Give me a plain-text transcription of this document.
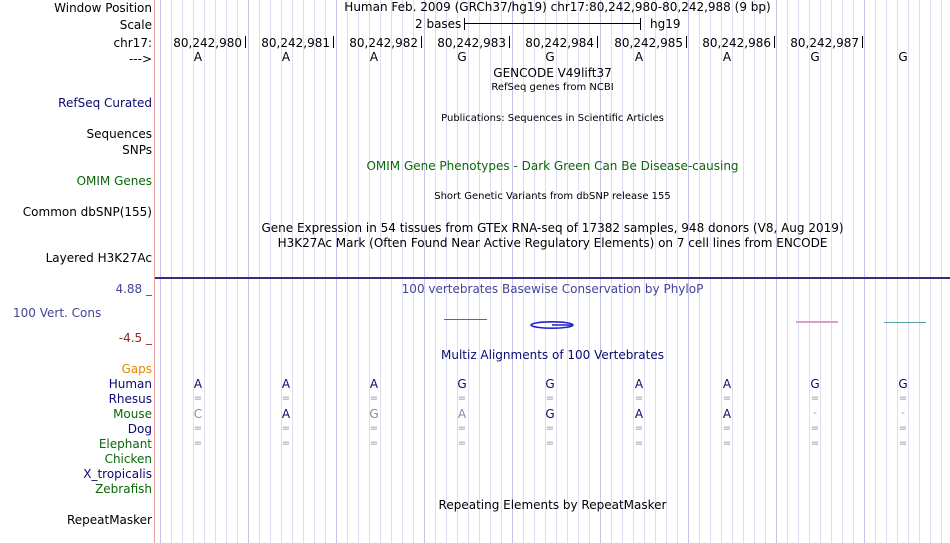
Window Position	Human Feb. 2009 (GRCh37/hg19) chr17:80,242,980-80,242,988 (9 bp)
Scale	2 bases	hg19
chr17: 80,242,980 80,242,981 80,242,982 80,242,983 80,242,984 80,242,985 80,242,986 80,242,987
--->	A	A	A	G	G	A	A	G	G
GENCODE V49lift37
RefSeq genes from NCBI
RefSeq Curated
Publications: Sequences in Scientific Articles
Sequences
SNPs
OMIM Gene Phenotypes - Dark Green Can Be Disease-causing
OMIM Genes
Short Genetic Variants from dbSNP release 155
Common dbSNP(155)
Gene Expression in 54 tissues from GTEx RNA-seq of 17382 samples, 948 donors (V8, Aug 2019)
H3K27Ac Mark (Often Found Near Active Regulatory Elements) on 7 cell lines from ENCODE
Layered H3K27Ac
4.88 _	100 vertebrates Basewise Conservation by PhyloP
100 Vert. Cons
-4.5 _
Multiz Alignments of 100 Vertebrates
Gaps
Human	A	A	A	G	G	A	A	G	G
Rhesus	=	=	=	=	=	=	=	=	=
Mouse	C	A	G	A	G	A	A	-	-
Dog	=	=	=	=	=	=	=	=	=
Elephant	=	=	=	=	=	=	=	=	=
Chicken
X_tropicalis
Zebrafish
Repeating Elements by RepeatMasker
RepeatMasker
